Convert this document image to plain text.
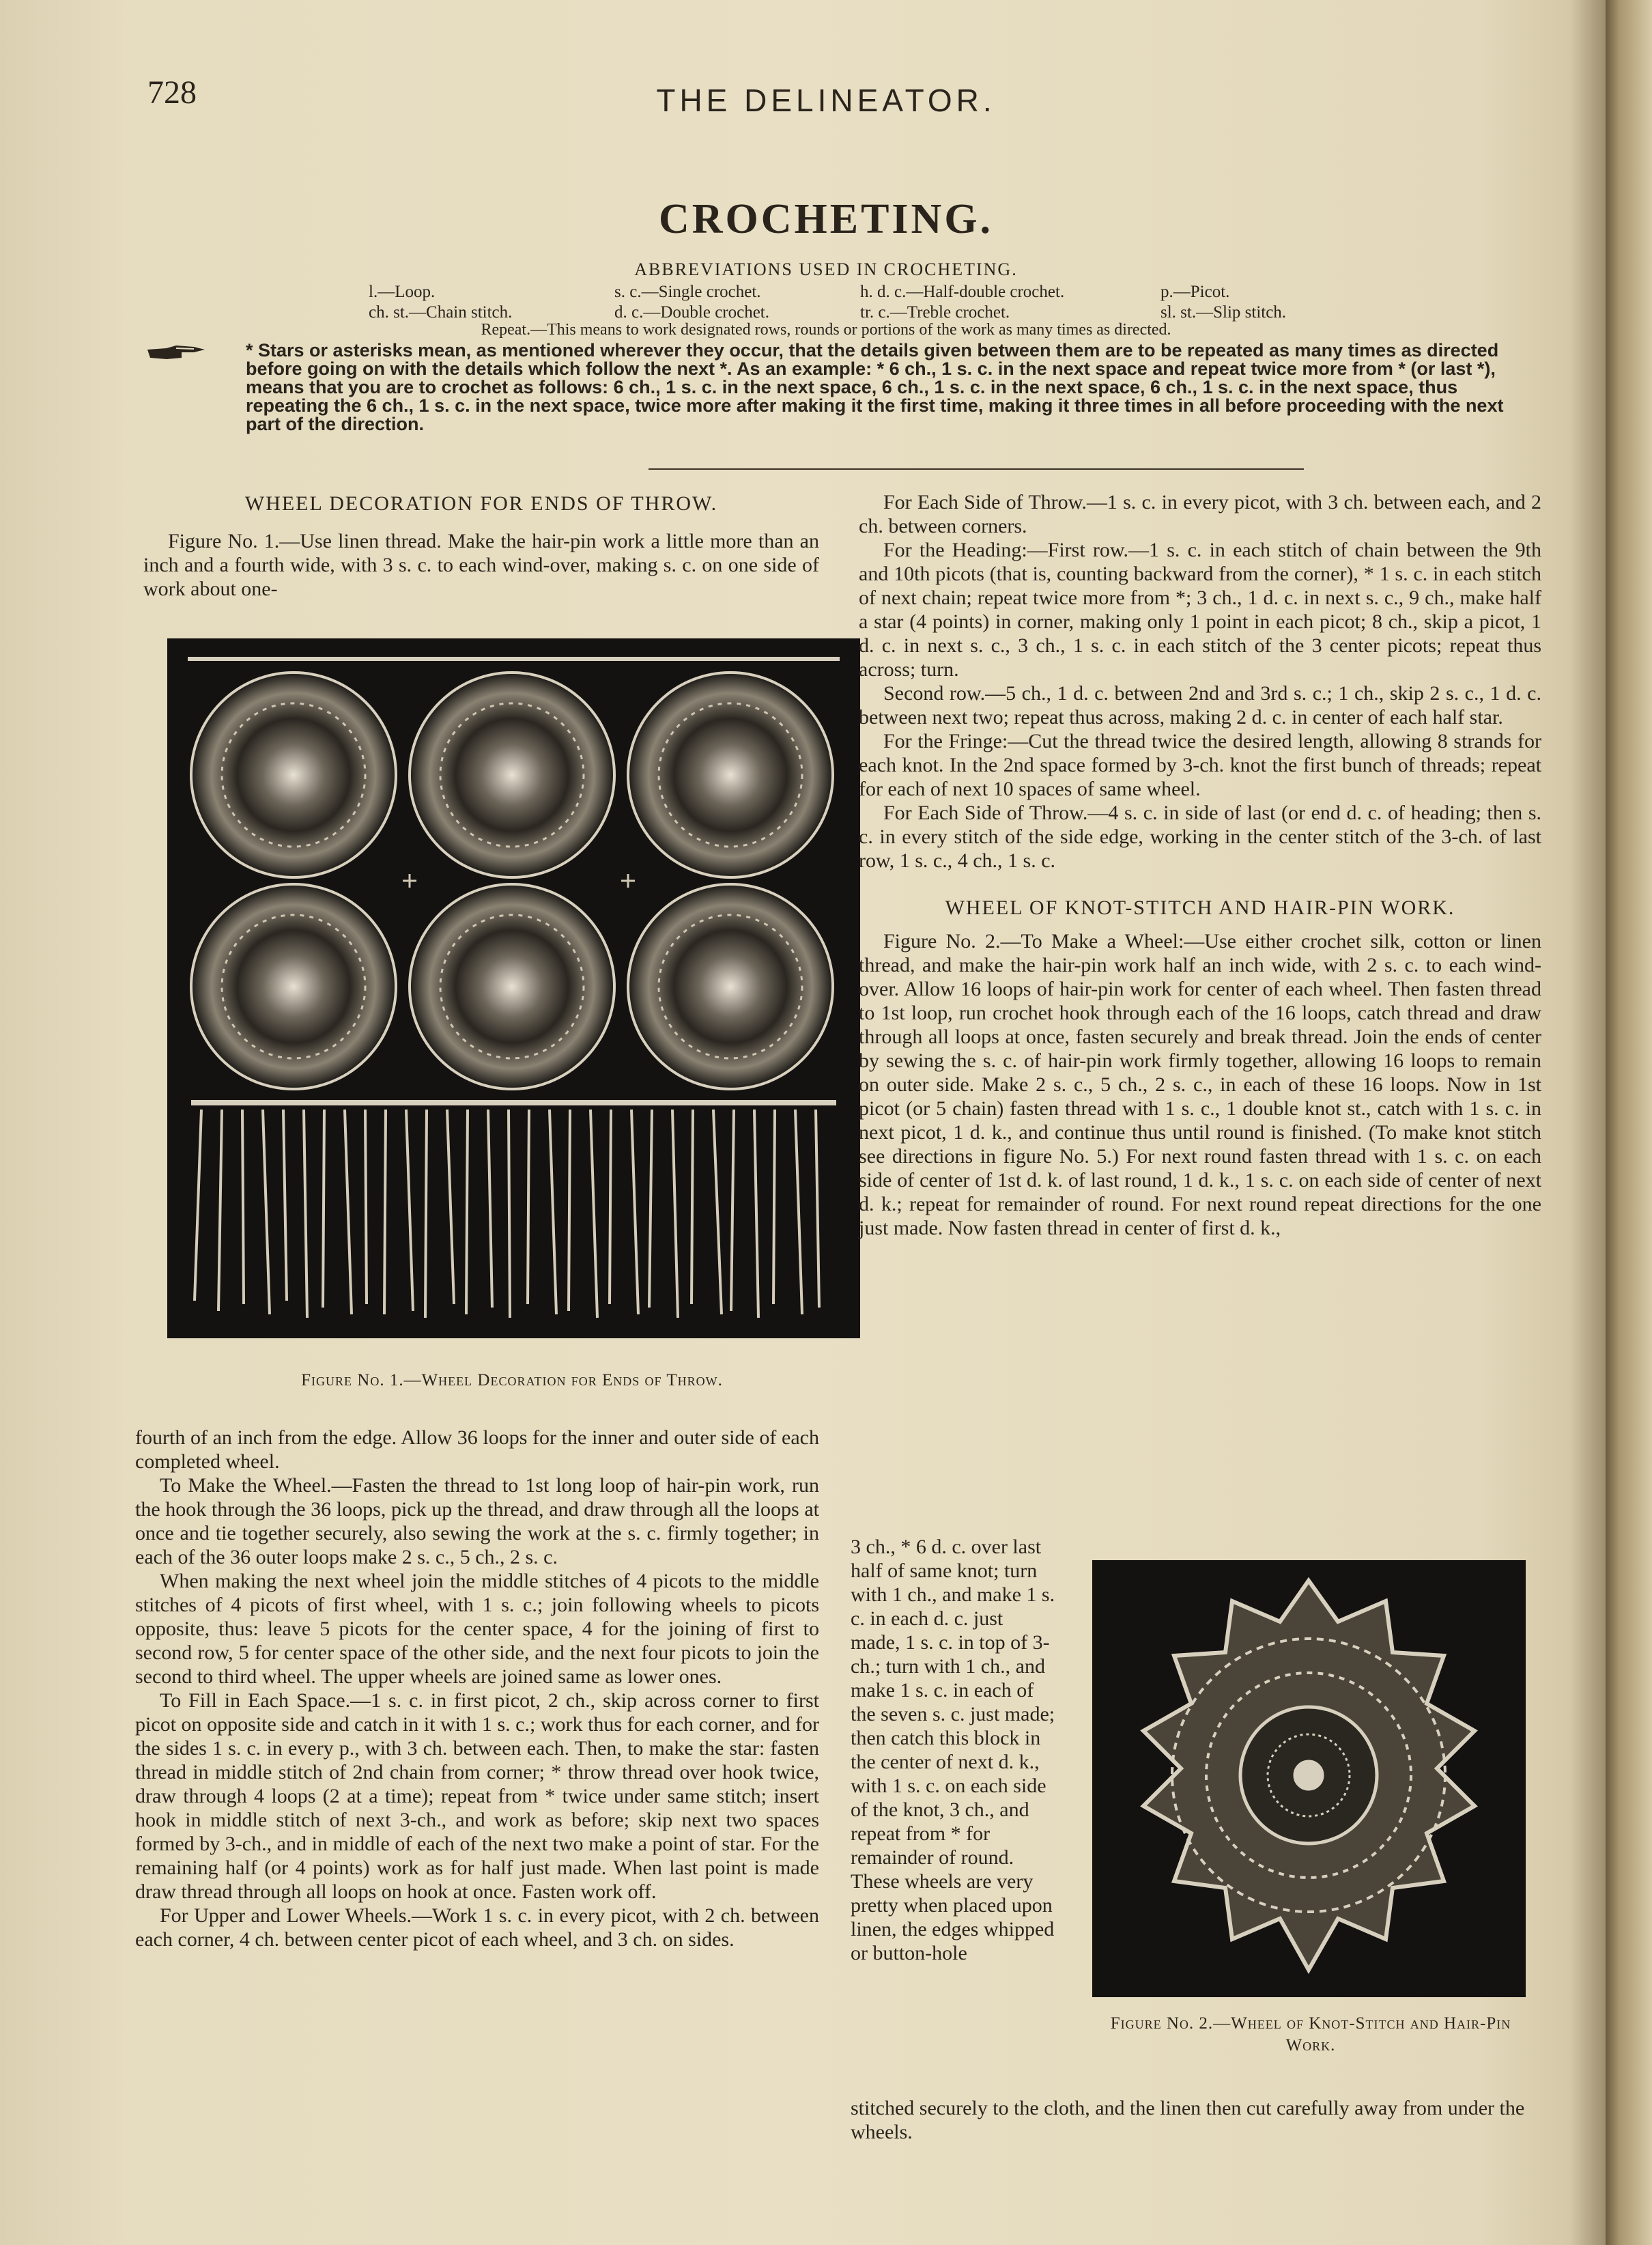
728	THE DELINEATOR.
CROCHETING.
ABBREVIATIONS USED IN CROCHETING.
l.—Loop.	s. c.—Single crochet.	h. d. c.—Half-double crochet.	p.—Picot.
ch. st.—Chain stitch.	d. c.—Double crochet.	tr. c.—Treble crochet.	sl. st.—Slip stitch.
Repeat.—This means to work designated rows, rounds or portions of the work as many times as directed.
* Stars or asterisks mean, as mentioned wherever they occur, that the details given between them are to be repeated as many times as directed before going on with the details which follow the next *. As an example: * 6 ch., 1 s. c. in the next space and repeat twice more from * (or last *), means that you are to crochet as follows: 6 ch., 1 s. c. in the next space, 6 ch., 1 s. c. in the next space, 6 ch., 1 s. c. in the next space, thus repeating the 6 ch., 1 s. c. in the next space, twice more after making it the first time, making it three times in all before proceeding with the next part of the direction.

WHEEL DECORATION FOR ENDS OF THROW.

Figure No. 1.—Use linen thread. Make the hair-pin work a little more than an inch and a fourth wide, with 3 s. c. to each wind-over, making s. c. on one side of work about one-

Figure No. 1.—Wheel Decoration for Ends of Throw.

fourth of an inch from the edge. Allow 36 loops for the inner and outer side of each completed wheel.

To Make the Wheel.—Fasten the thread to 1st long loop of hair-pin work, run the hook through the 36 loops, pick up the thread, and draw through all the loops at once and tie together securely, also sewing the work at the s. c. firmly together; in each of the 36 outer loops make 2 s. c., 5 ch., 2 s. c.

When making the next wheel join the middle stitches of 4 picots to the middle stitches of 4 picots of first wheel, with 1 s. c.; join following wheels to picots opposite, thus: leave 5 picots for the center space, 4 for the joining of first to second row, 5 for center space of the other side, and the next four picots to join the second to third wheel. The upper wheels are joined same as lower ones.

To Fill in Each Space.—1 s. c. in first picot, 2 ch., skip across corner to first picot on opposite side and catch in it with 1 s. c.; work thus for each corner, and for the sides 1 s. c. in every p., with 3 ch. between each. Then, to make the star: fasten thread in middle stitch of 2nd chain from corner; * throw thread over hook twice, draw through 4 loops (2 at a time); repeat from * twice under same stitch; insert hook in middle stitch of next 3-ch., and work as before; skip next two spaces formed by 3-ch., and in middle of each of the next two make a point of star. For the remaining half (or 4 points) work as for half just made. When last point is made draw thread through all loops on hook at once. Fasten work off.

For Upper and Lower Wheels.—Work 1 s. c. in every picot, with 2 ch. between each corner, 4 ch. between center picot of each wheel, and 3 ch. on sides.

For Each Side of Throw.—1 s. c. in every picot, with 3 ch. between each, and 2 ch. between corners.

For the Heading:—First row.—1 s. c. in each stitch of chain between the 9th and 10th picots (that is, counting backward from the corner), * 1 s. c. in each stitch of next chain; repeat twice more from *; 3 ch., 1 d. c. in next s. c., 9 ch., make half a star (4 points) in corner, making only 1 point in each picot; 8 ch., skip a picot, 1 d. c. in next s. c., 3 ch., 1 s. c. in each stitch of the 3 center picots; repeat thus across; turn.

Second row.—5 ch., 1 d. c. between 2nd and 3rd s. c.; 1 ch., skip 2 s. c., 1 d. c. between next two; repeat thus across, making 2 d. c. in center of each half star.

For the Fringe:—Cut the thread twice the desired length, allowing 8 strands for each knot. In the 2nd space formed by 3-ch. knot the first bunch of threads; repeat for each of next 10 spaces of same wheel.

For Each Side of Throw.—4 s. c. in side of last (or end d. c. of heading; then s. c. in every stitch of the side edge, working in the center stitch of the 3-ch. of last row, 1 s. c., 4 ch., 1 s. c.

WHEEL OF KNOT-STITCH AND HAIR-PIN WORK.

Figure No. 2.—To Make a Wheel:—Use either crochet silk, cotton or linen thread, and make the hair-pin work half an inch wide, with 2 s. c. to each wind-over. Allow 16 loops of hair-pin work for center of each wheel. Then fasten thread to 1st loop, run crochet hook through each of the 16 loops, catch thread and draw through all loops at once, fasten securely and break thread. Join the ends of center by sewing the s. c. of hair-pin work firmly together, allowing 16 loops to remain on outer side. Make 2 s. c., 5 ch., 2 s. c., in each of these 16 loops. Now in 1st picot (or 5 chain) fasten thread with 1 s. c., 1 double knot st., catch with 1 s. c. in next picot, 1 d. k., and continue thus until round is finished. (To make knot stitch see directions in figure No. 5.) For next round fasten thread with 1 s. c. on each side of center of 1st d. k. of last round, 1 d. k., 1 s. c. on each side of center of next d. k.; repeat for remainder of round. For next round repeat directions for the one just made. Now fasten thread in center of first d. k.,

3 ch., * 6 d. c. over last half of same knot; turn with 1 ch., and make 1 s. c. in each d. c. just made, 1 s. c. in top of 3-ch.; turn with 1 ch., and make 1 s. c. in each of the seven s. c. just made; then catch this block in the center of next d. k., with 1 s. c. on each side of the knot, 3 ch., and repeat from * for remainder of round. These wheels are very pretty when placed upon linen, the edges whipped or button-hole
Figure No. 2.—Wheel of Knot-Stitch and Hair-Pin Work.
stitched securely to the cloth, and the linen then cut carefully away from under the wheels.
